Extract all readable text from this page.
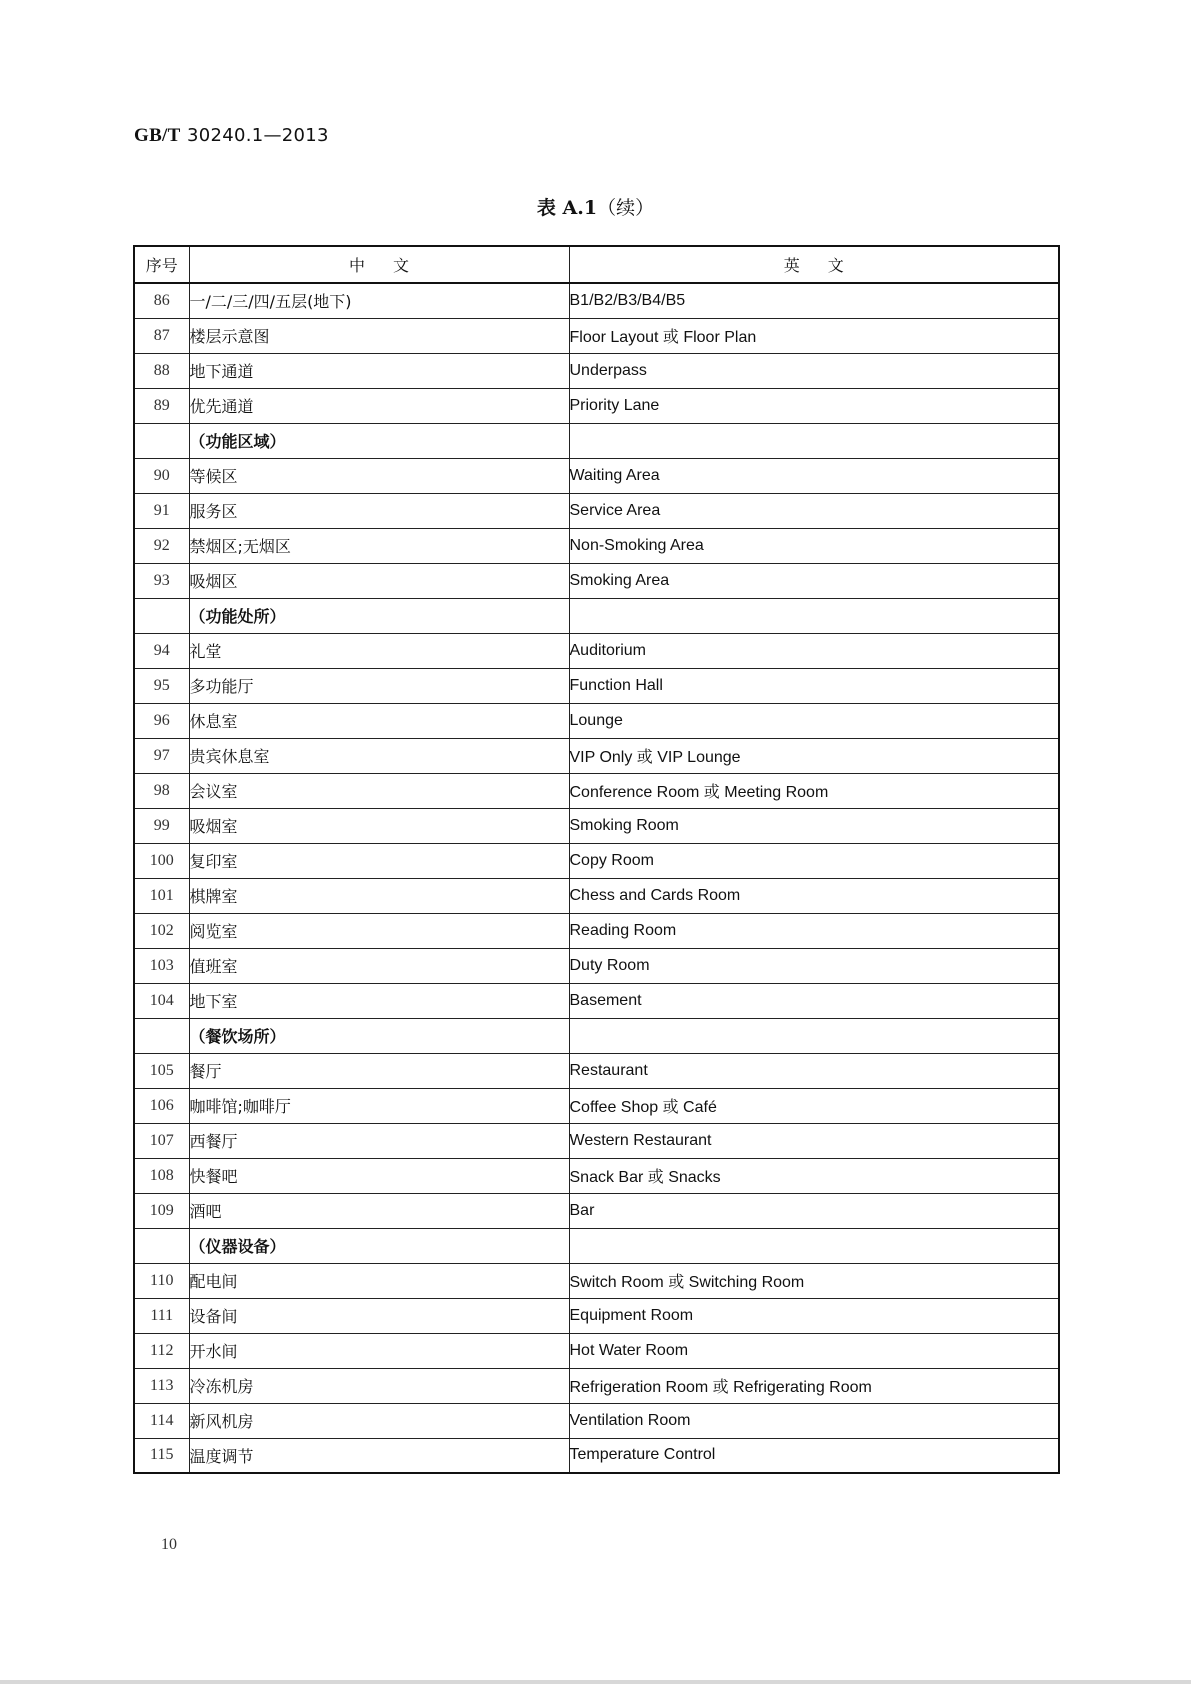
GB/T 30240.1—2013
表 A.1（续）
序号	中文	英文
86	一/二/三/四/五层(地下)	B1/B2/B3/B4/B5
87	楼层示意图	Floor Layout 或 Floor Plan
88	地下通道	Underpass
89	优先通道	Priority Lane
	（功能区域）	
90	等候区	Waiting Area
91	服务区	Service Area
92	禁烟区;无烟区	Non-Smoking Area
93	吸烟区	Smoking Area
	（功能处所）	
94	礼堂	Auditorium
95	多功能厅	Function Hall
96	休息室	Lounge
97	贵宾休息室	VIP Only 或 VIP Lounge
98	会议室	Conference Room 或 Meeting Room
99	吸烟室	Smoking Room
100	复印室	Copy Room
101	棋牌室	Chess and Cards Room
102	阅览室	Reading Room
103	值班室	Duty Room
104	地下室	Basement
	（餐饮场所）	
105	餐厅	Restaurant
106	咖啡馆;咖啡厅	Coffee Shop 或 Café
107	西餐厅	Western Restaurant
108	快餐吧	Snack Bar 或 Snacks
109	酒吧	Bar
	（仪器设备）	
110	配电间	Switch Room 或 Switching Room
111	设备间	Equipment Room
112	开水间	Hot Water Room
113	冷冻机房	Refrigeration Room 或 Refrigerating Room
114	新风机房	Ventilation Room
115	温度调节	Temperature Control
10
